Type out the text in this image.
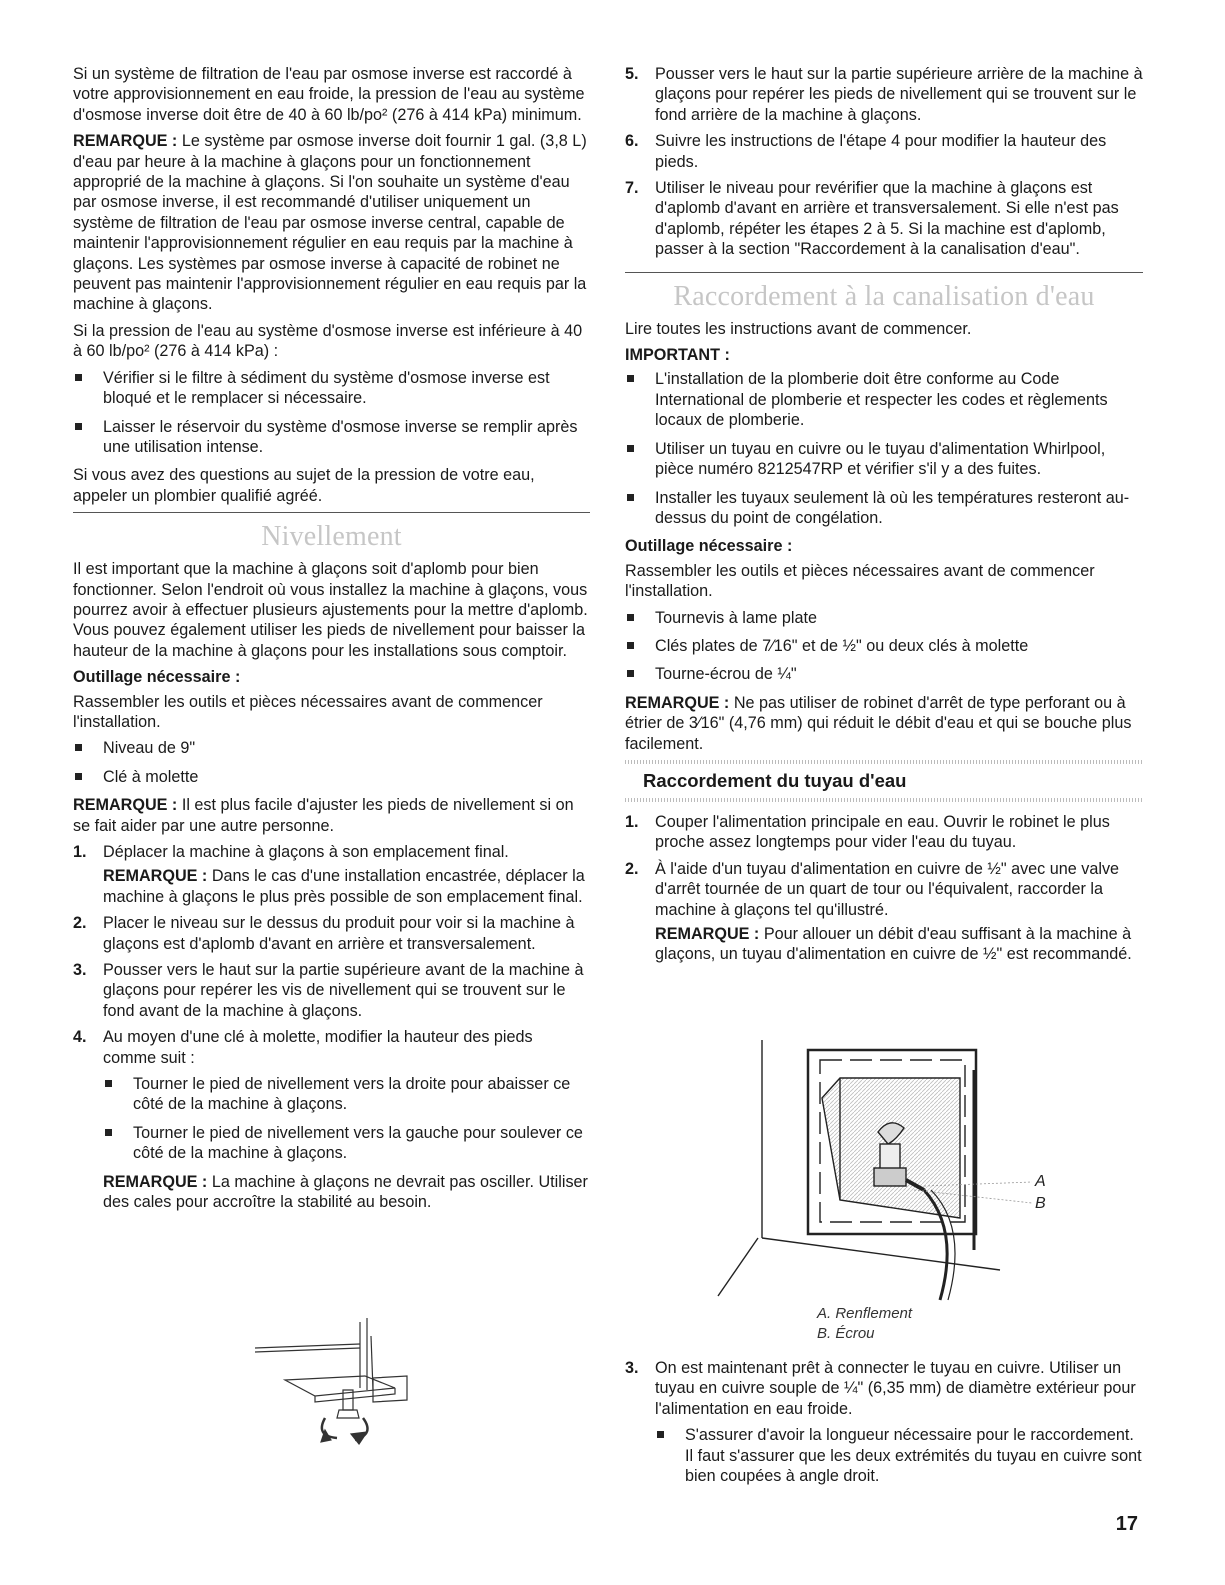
Si un système de filtration de l'eau par osmose inverse est raccordé à votre approvisionnement en eau froide, la pression de l'eau au système d'osmose inverse doit être de 40 à 60 lb/po² (276 à 414 kPa) minimum.

REMARQUE : Le système par osmose inverse doit fournir 1 gal. (3,8 L) d'eau par heure à la machine à glaçons pour un fonctionnement approprié de la machine à glaçons. Si l'on souhaite un système d'eau par osmose inverse, il est recommandé d'utiliser uniquement un système de filtration de l'eau par osmose inverse central, capable de maintenir l'approvisionnement régulier en eau requis par la machine à glaçons. Les systèmes par osmose inverse à capacité de robinet ne peuvent pas maintenir l'approvisionnement régulier en eau requis par la machine à glaçons.

Si la pression de l'eau au système d'osmose inverse est inférieure à 40 à 60 lb/po² (276 à 414 kPa) :

Vérifier si le filtre à sédiment du système d'osmose inverse est bloqué et le remplacer si nécessaire.
Laisser le réservoir du système d'osmose inverse se remplir après une utilisation intense.

Si vous avez des questions au sujet de la pression de votre eau, appeler un plombier qualifié agréé.

Nivellement

Il est important que la machine à glaçons soit d'aplomb pour bien fonctionner. Selon l'endroit où vous installez la machine à glaçons, vous pourrez avoir à effectuer plusieurs ajustements pour la mettre d'aplomb. Vous pouvez également utiliser les pieds de nivellement pour baisser la hauteur de la machine à glaçons pour les installations sous comptoir.

Outillage nécessaire :

Rassembler les outils et pièces nécessaires avant de commencer l'installation.

Niveau de 9"
Clé à molette

REMARQUE : Il est plus facile d'ajuster les pieds de nivellement si on se fait aider par une autre personne.

1. Déplacer la machine à glaçons à son emplacement final.

REMARQUE : Dans le cas d'une installation encastrée, déplacer la machine à glaçons le plus près possible de son emplacement final.

2. Placer le niveau sur le dessus du produit pour voir si la machine à glaçons est d'aplomb d'avant en arrière et transversalement.
3. Pousser vers le haut sur la partie supérieure avant de la machine à glaçons pour repérer les vis de nivellement qui se trouvent sur le fond avant de la machine à glaçons.
4. Au moyen d'une clé à molette, modifier la hauteur des pieds comme suit :
Tourner le pied de nivellement vers la droite pour abaisser ce côté de la machine à glaçons.
Tourner le pied de nivellement vers la gauche pour soulever ce côté de la machine à glaçons.

REMARQUE : La machine à glaçons ne devrait pas osciller. Utiliser des cales pour accroître la stabilité au besoin.

5. Pousser vers le haut sur la partie supérieure arrière de la machine à glaçons pour repérer les pieds de nivellement qui se trouvent sur le fond arrière de la machine à glaçons.
6. Suivre les instructions de l'étape 4 pour modifier la hauteur des pieds.
7. Utiliser le niveau pour revérifier que la machine à glaçons est d'aplomb d'avant en arrière et transversalement. Si elle n'est pas d'aplomb, répéter les étapes 2 à 5. Si la machine est d'aplomb, passer à la section "Raccordement à la canalisation d'eau".
Raccordement à la canalisation d'eau

Lire toutes les instructions avant de commencer.

IMPORTANT :
L'installation de la plomberie doit être conforme au Code International de plomberie et respecter les codes et règlements locaux de plomberie.
Utiliser un tuyau en cuivre ou le tuyau d'alimentation Whirlpool, pièce numéro 8212547RP et vérifier s'il y a des fuites.
Installer les tuyaux seulement là où les températures resteront au-dessus du point de congélation.
Outillage nécessaire :

Rassembler les outils et pièces nécessaires avant de commencer l'installation.

Tournevis à lame plate
Clés plates de 7⁄16" et de ½" ou deux clés à molette
Tourne-écrou de ¼"

REMARQUE : Ne pas utiliser de robinet d'arrêt de type perforant ou à étrier de 3⁄16" (4,76 mm) qui réduit le débit d'eau et qui se bouche plus facilement.

Raccordement du tuyau d'eau
1. Couper l'alimentation principale en eau. Ouvrir le robinet le plus proche assez longtemps pour vider l'eau du tuyau.
2. À l'aide d'un tuyau d'alimentation en cuivre de ½" avec une valve d'arrêt tournée de un quart de tour ou l'équivalent, raccorder la machine à glaçons tel qu'illustré.

REMARQUE : Pour allouer un débit d'eau suffisant à la machine à glaçons, un tuyau d'alimentation en cuivre de ½" est recommandé.

A
B
A. Renflement
B. Écrou
3. On est maintenant prêt à connecter le tuyau en cuivre. Utiliser un tuyau en cuivre souple de ¼" (6,35 mm) de diamètre extérieur pour l'alimentation en eau froide.
S'assurer d'avoir la longueur nécessaire pour le raccordement. Il faut s'assurer que les deux extrémités du tuyau en cuivre sont bien coupées à angle droit.
17
